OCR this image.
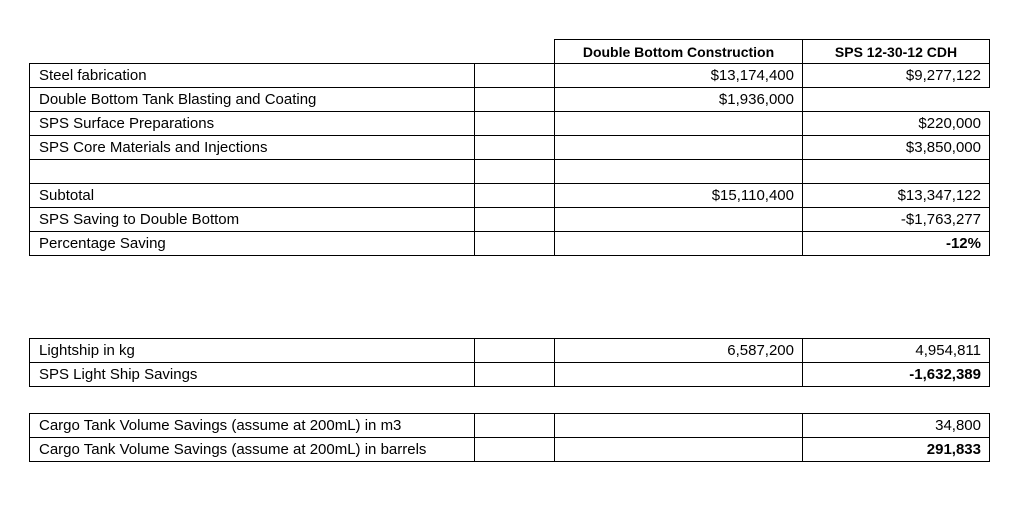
		Double Bottom Construction	SPS 12-30-12 CDH
Steel fabrication		$13,174,400	$9,277,122
Double Bottom Tank Blasting and Coating		$1,936,000	
SPS Surface Preparations			$220,000
SPS Core Materials and Injections			$3,850,000

Subtotal		$15,110,400	$13,347,122
SPS Saving to Double Bottom			-$1,763,277
Percentage Saving			-12%
Lightship in kg		6,587,200	4,954,811
SPS Light Ship Savings			-1,632,389
Cargo Tank Volume Savings (assume at 200mL) in m3			34,800
Cargo Tank Volume Savings (assume at 200mL) in barrels			291,833
